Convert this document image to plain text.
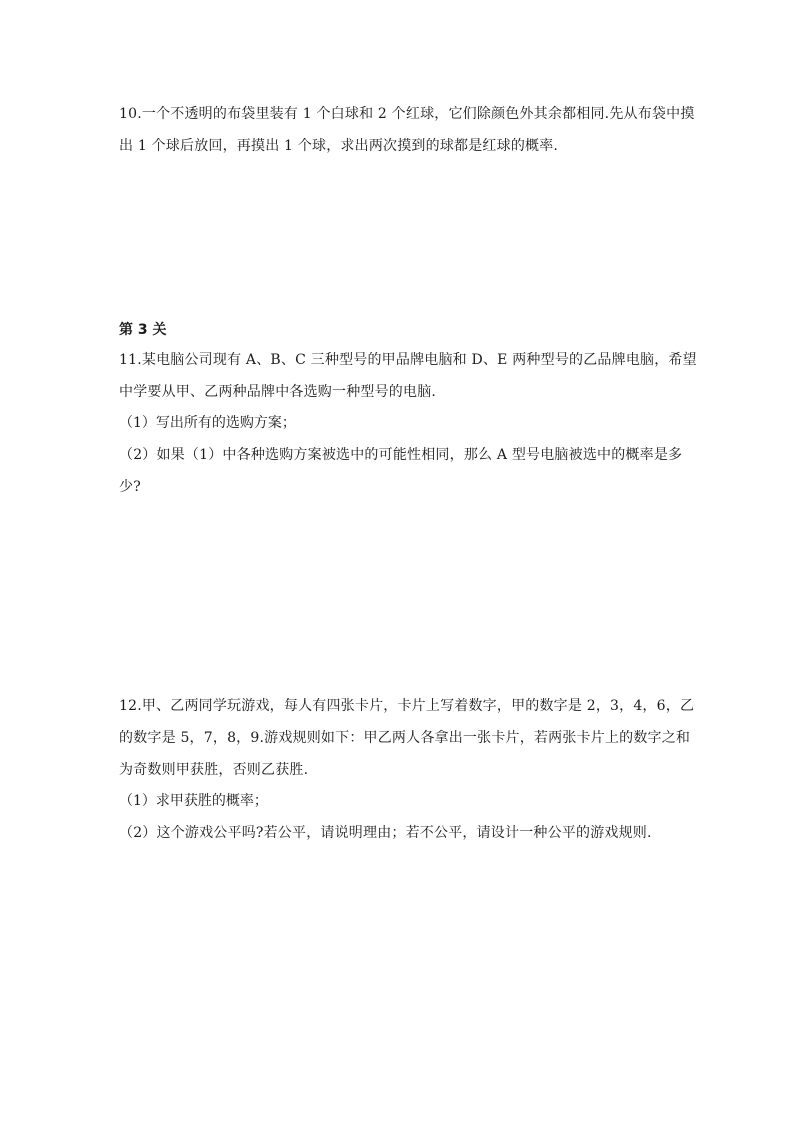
10.一个不透明的布袋里装有 1 个白球和 2 个红球，它们除颜色外其余都相同.先从布袋中摸
出 1 个球后放回，再摸出 1 个球，求出两次摸到的球都是红球的概率.
第 3 关
11.某电脑公司现有 A、B、C 三种型号的甲品牌电脑和 D、E 两种型号的乙品牌电脑，希望
中学要从甲、乙两种品牌中各选购一种型号的电脑.
（1）写出所有的选购方案；
（2）如果（1）中各种选购方案被选中的可能性相同，那么 A 型号电脑被选中的概率是多
少?
12.甲、乙两同学玩游戏，每人有四张卡片，卡片上写着数字，甲的数字是 2，3，4，6，乙
的数字是 5，7，8，9.游戏规则如下：甲乙两人各拿出一张卡片，若两张卡片上的数字之和
为奇数则甲获胜，否则乙获胜.
（1）求甲获胜的概率；
（2）这个游戏公平吗?若公平，请说明理由；若不公平，请设计一种公平的游戏规则.
